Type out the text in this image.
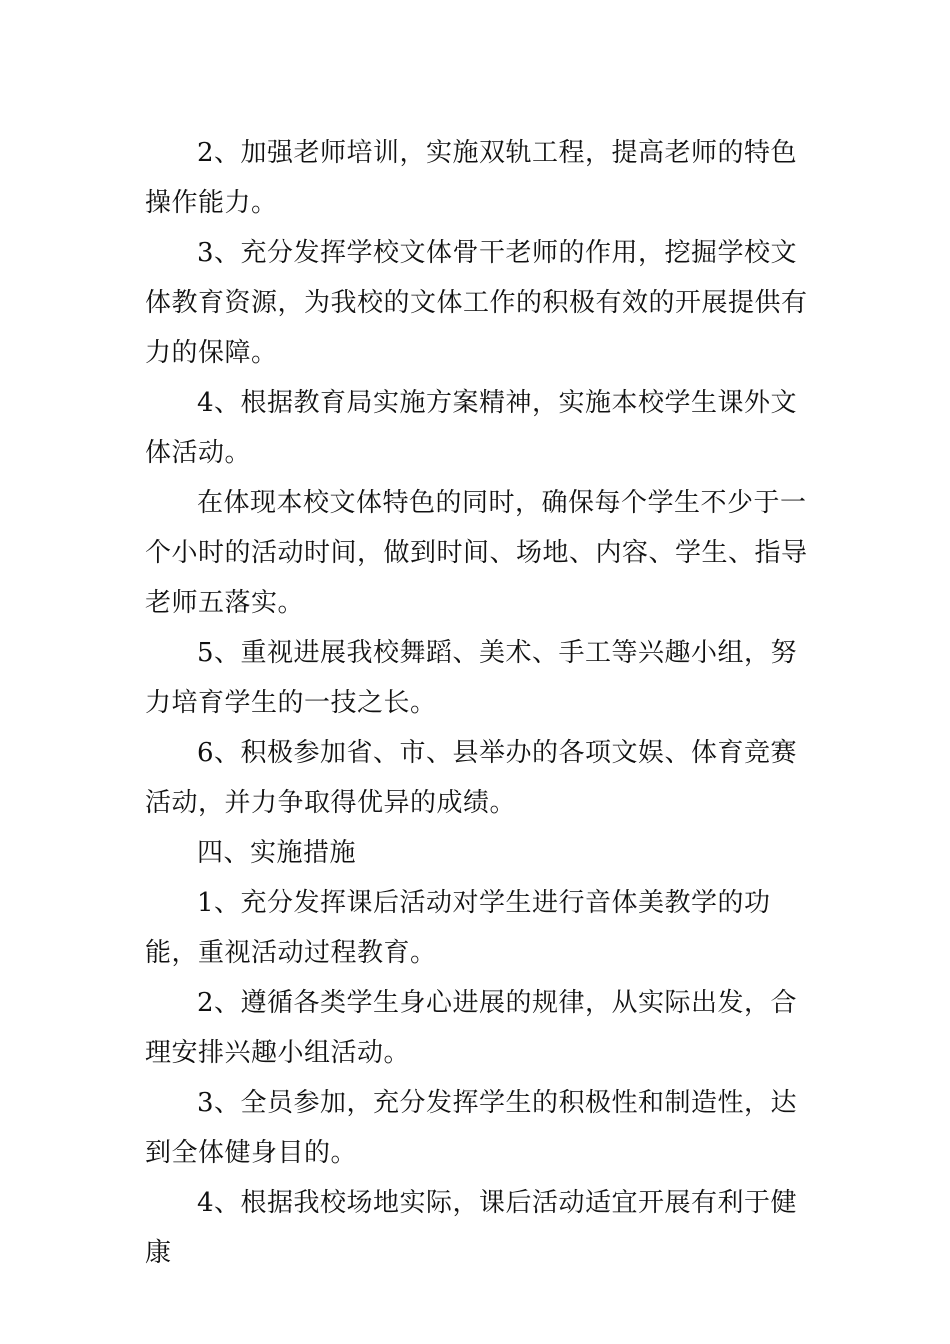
2、加强老师培训，实施双轨工程，提高老师的特色操作能力。

3、充分发挥学校文体骨干老师的作用，挖掘学校文体教育资源，为我校的文体工作的积极有效的开展提供有力的保障。

4、根据教育局实施方案精神，实施本校学生课外文体活动。

在体现本校文体特色的同时，确保每个学生不少于一个小时的活动时间，做到时间、场地、内容、学生、指导老师五落实。

5、重视进展我校舞蹈、美术、手工等兴趣小组，努力培育学生的一技之长。

6、积极参加省、市、县举办的各项文娱、体育竞赛活动，并力争取得优异的成绩。

四、实施措施

1、充分发挥课后活动对学生进行音体美教学的功能，重视活动过程教育。

2、遵循各类学生身心进展的规律，从实际出发，合理安排兴趣小组活动。

3、全员参加，充分发挥学生的积极性和制造性，达到全体健身目的。

4、根据我校场地实际，课后活动适宜开展有利于健康
